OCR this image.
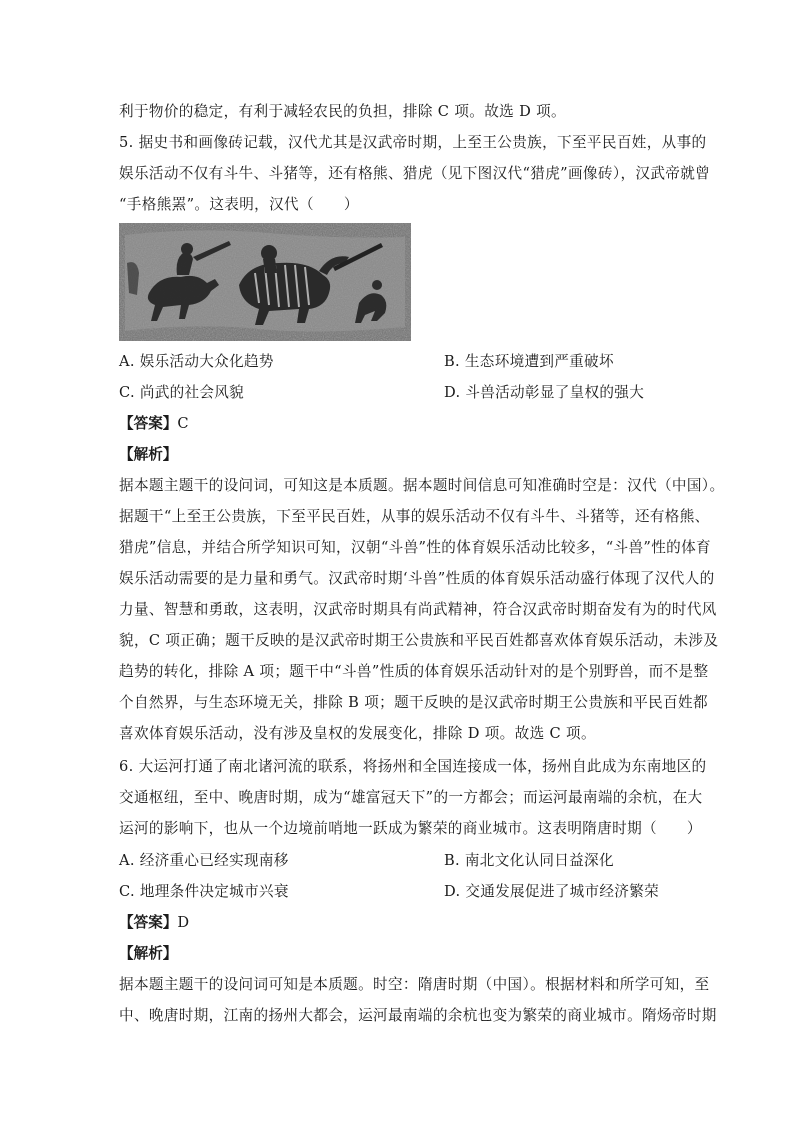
利于物价的稳定，有利于减轻农民的负担，排除 C 项。故选 D 项。
5. 据史书和画像砖记载，汉代尤其是汉武帝时期，上至王公贵族，下至平民百姓，从事的
娱乐活动不仅有斗牛、斗猪等，还有格熊、猎虎（见下图汉代“猎虎”画像砖），汉武帝就曾
“手格熊罴”。这表明，汉代（　　）
A. 娱乐活动大众化趋势	B. 生态环境遭到严重破坏
C. 尚武的社会风貌	D. 斗兽活动彰显了皇权的强大
【答案】C
【解析】
据本题主题干的设问词，可知这是本质题。据本题时间信息可知准确时空是：汉代（中国）。
据题干“上至王公贵族，下至平民百姓，从事的娱乐活动不仅有斗牛、斗猪等，还有格熊、
猎虎”信息，并结合所学知识可知，汉朝“斗兽”性的体育娱乐活动比较多，“斗兽”性的体育
娱乐活动需要的是力量和勇气。汉武帝时期‘斗兽”性质的体育娱乐活动盛行体现了汉代人的
力量、智慧和勇敢，这表明，汉武帝时期具有尚武精神，符合汉武帝时期奋发有为的时代风
貌，C 项正确；题干反映的是汉武帝时期王公贵族和平民百姓都喜欢体育娱乐活动，未涉及
趋势的转化，排除 A 项；题干中“斗兽”性质的体育娱乐活动针对的是个别野兽，而不是整
个自然界，与生态环境无关，排除 B 项；题干反映的是汉武帝时期王公贵族和平民百姓都
喜欢体育娱乐活动，没有涉及皇权的发展变化，排除 D 项。故选 C 项。
6. 大运河打通了南北诸河流的联系，将扬州和全国连接成一体，扬州自此成为东南地区的
交通枢纽，至中、晚唐时期，成为“雄富冠天下”的一方都会；而运河最南端的余杭，在大
运河的影响下，也从一个边境前哨地一跃成为繁荣的商业城市。这表明隋唐时期（　　）
A. 经济重心已经实现南移	B. 南北文化认同日益深化
C. 地理条件决定城市兴衰	D. 交通发展促进了城市经济繁荣
【答案】D
【解析】
据本题主题干的设问词可知是本质题。时空：隋唐时期（中国）。根据材料和所学可知，至
中、晚唐时期，江南的扬州大都会，运河最南端的余杭也变为繁荣的商业城市。隋炀帝时期
